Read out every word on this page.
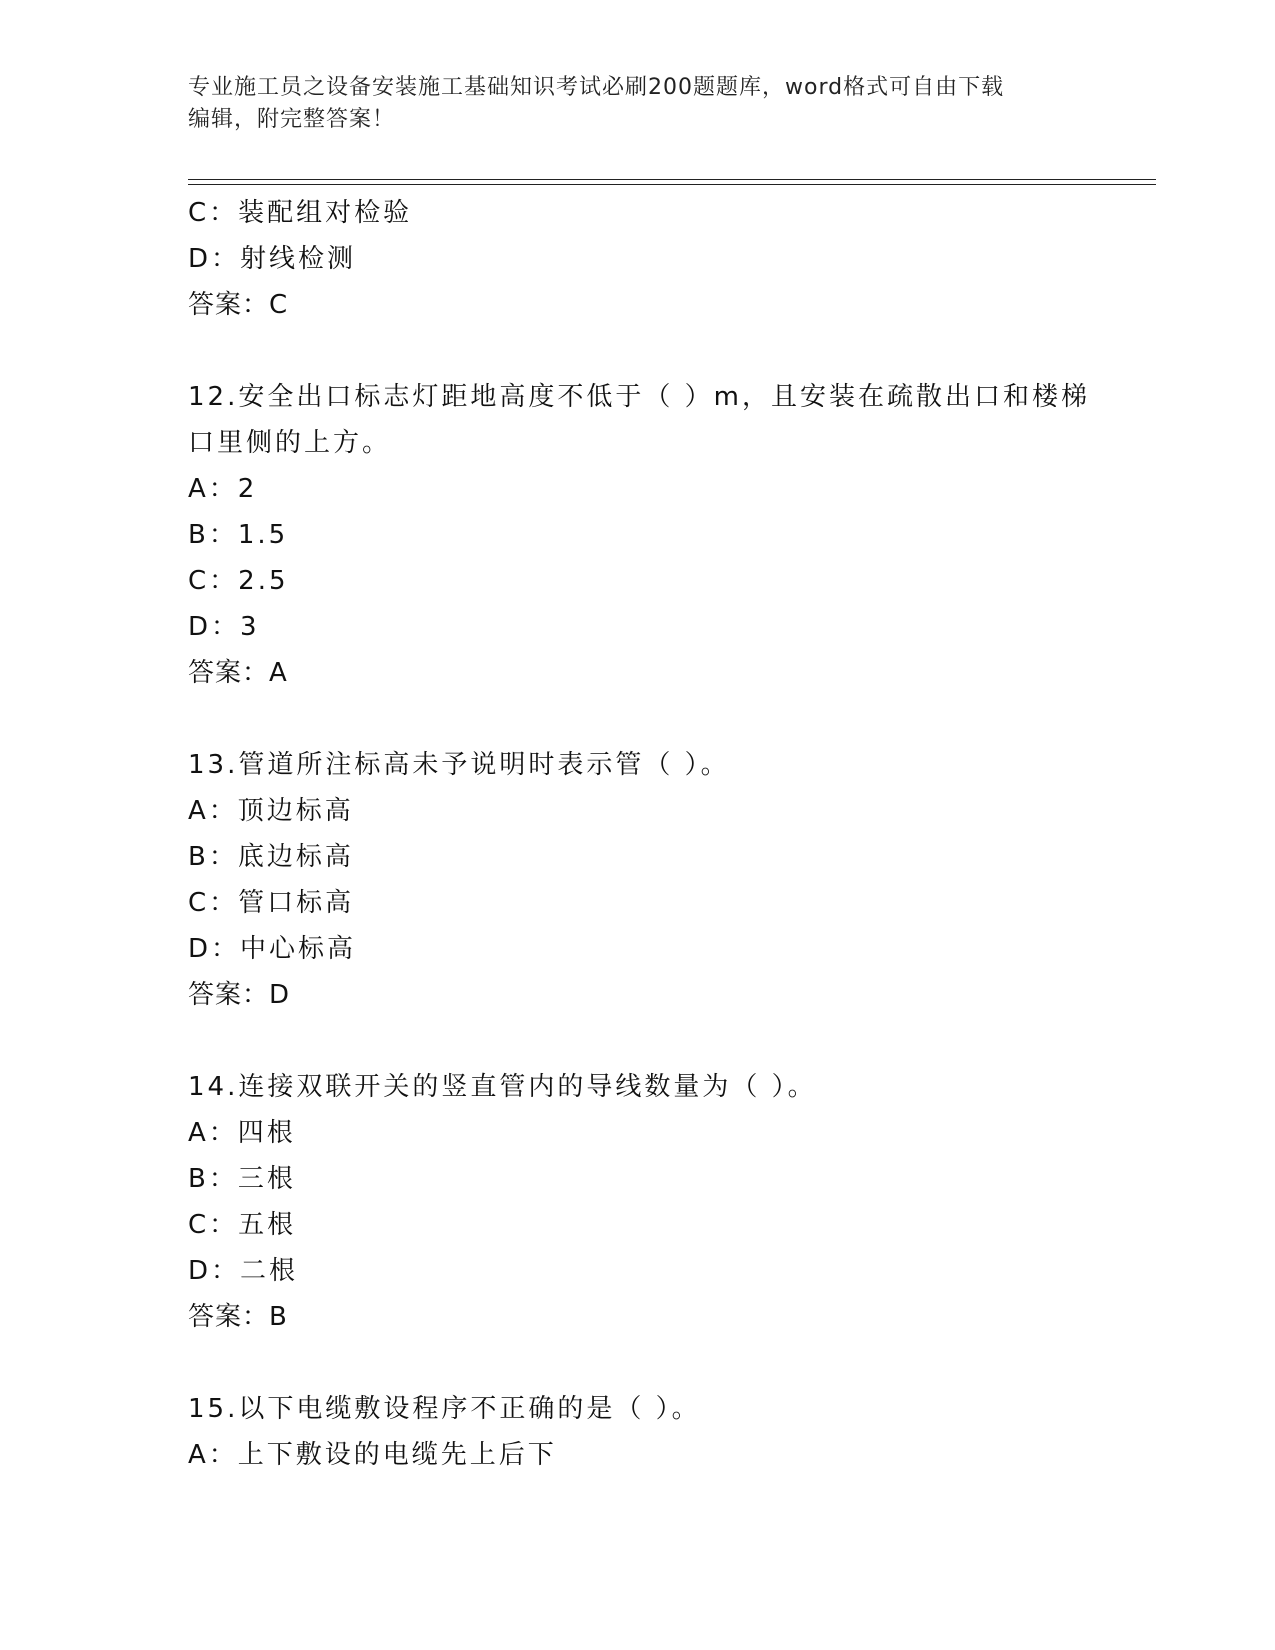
专业施工员之设备安装施工基础知识考试必刷200题题库，word格式可自由下载
编辑，附完整答案！
C：装配组对检验
D：射线检测
答案：C
12.安全出口标志灯距地高度不低于（ ）m，且安装在疏散出口和楼梯
口里侧的上方。
A：2
B：1.5
C：2.5
D：3
答案：A
13.管道所注标高未予说明时表示管（ ）。
A：顶边标高
B：底边标高
C：管口标高
D：中心标高
答案：D
14.连接双联开关的竖直管内的导线数量为（ ）。
A：四根
B：三根
C：五根
D：二根
答案：B
15.以下电缆敷设程序不正确的是（ ）。
A：上下敷设的电缆先上后下
